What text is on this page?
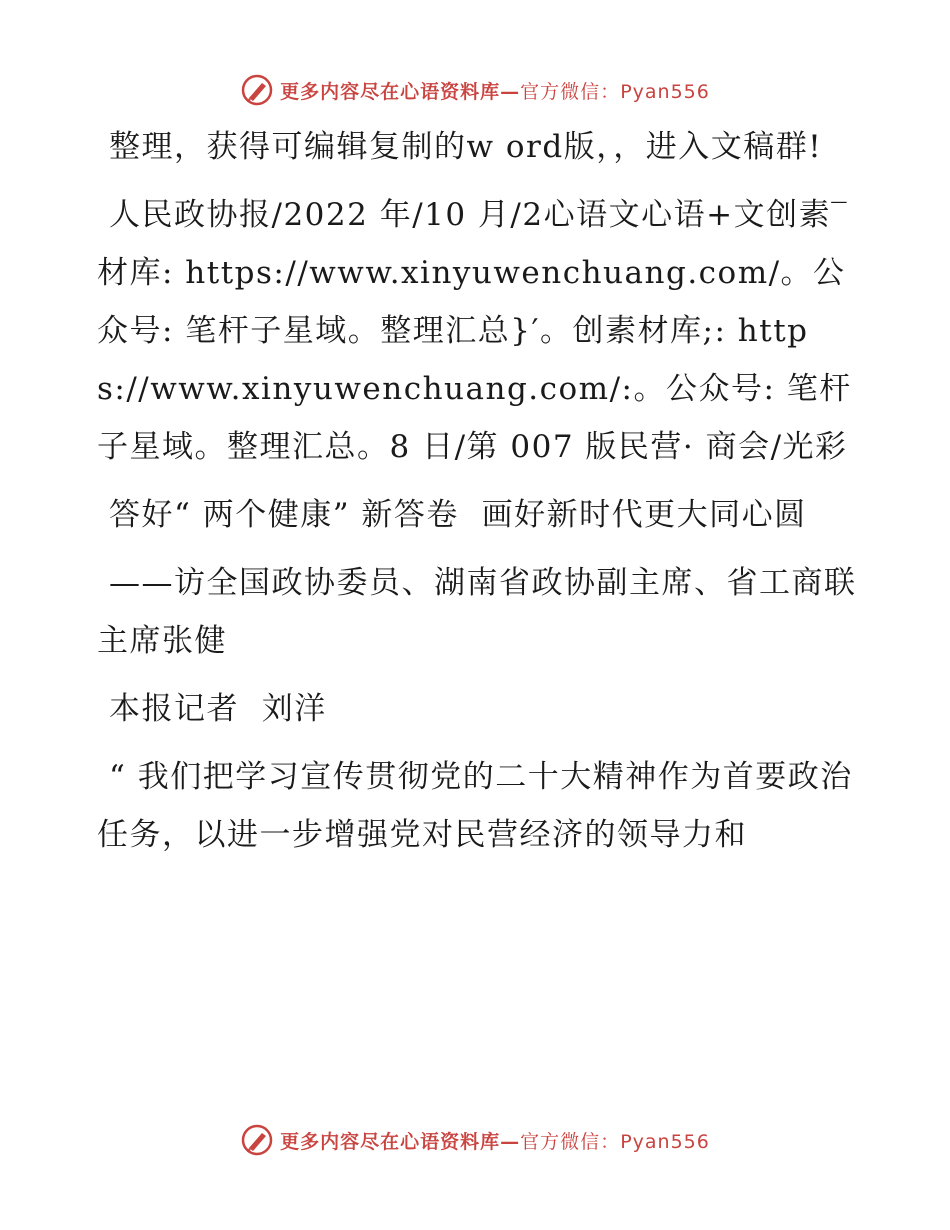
更多内容尽在心语资料库—官方微信：Pyan556

整理，获得可编辑复制的w ord版，，进入文稿群!

人民政协报/2022 年/10 月/2心语文心语+文创素‾材库: https://www.xinyuwenchuang.com/。公众号: 笔杆子星域。整理汇总}′。创素材库;: https://www.xinyuwenchuang.com/:。公众号: 笔杆子星域。整理汇总。8 日/第 007 版民营· 商会/光彩

答好“ 两个健康” 新答卷  画好新时代更大同心圆

——访全国政协委员、湖南省政协副主席、省工商联主席张健

本报记者  刘洋

“ 我们把学习宣传贯彻党的二十大精神作为首要政治任务，以进一步增强党对民营经济的领导力和

更多内容尽在心语资料库—官方微信：Pyan556
